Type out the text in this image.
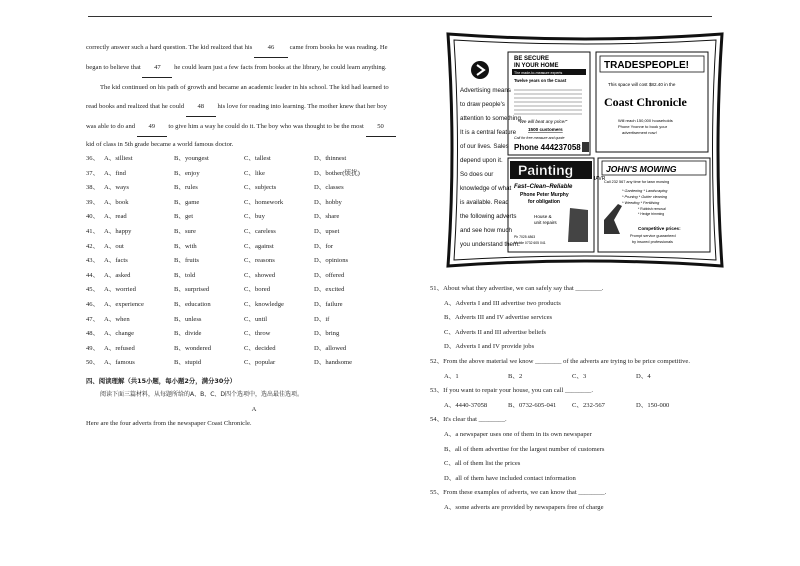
correctly answer such a hard question. The kid realized that his 46 came from books he was reading. He

began to believe that 47 he could learn just a few facts from books at the library, he could learn anything.

The kid continued on his path of growth and became an academic leader in his school. The kid had learned to

read books and realized that he could 48 his love for reading into learning. The mother knew that her boy

was able to do and 49 to give him a way he could do it. The boy who was thought to be the most 50

kid of class in 5th grade became a world famous doctor.

36、 A、silliest	B、youngest	C、tallest	D、thinnest
37、 A、find	B、enjoy	C、like	D、bother(烦扰)
38、 A、ways	B、rules	C、subjects	D、classes
39、 A、book	B、game	C、homework	D、hobby
40、 A、read	B、get	C、buy	D、share
41、 A、happy	B、sure	C、careless	D、upset
42、 A、out	B、with	C、against	D、for
43、 A、facts	B、fruits	C、reasons	D、opinions
44、 A、asked	B、told	C、showed	D、offered
45、 A、worried	B、surprised	C、bored	D、excited
46、 A、experience	B、education	C、knowledge	D、failure
47、 A、when	B、unless	C、until	D、if
48、 A、change	B、divide	C、throw	D、bring
49、 A、refused	B、wondered	C、decided	D、allowed
50、 A、famous	B、stupid	C、popular	D、handsome
四、阅读理解（共15小题，每小题2分，满分30分）
阅读下面三篇材料，从每题所给的A、B、C、D四个选项中，选出最佳选项。
A
Here are the four adverts from the newspaper Coast Chronicle.
Advertising means
to draw people's
attention to something.
It is a central feature
of our lives. Sales
depend upon it.
So does our
knowledge of what
is available. Read
the following adverts
and see how much
you understand them.
BE SECURE
IN YOUR HOME
The made-to-measure experts
Twelve years on the Coast
"We will beat any price!"
1500 customers
Call for free measure and quote
Phone 444237058
TRADESPEOPLE!
This space will cost $82.40 in the
Coast Chronicle
Will reach 150,000 households
Phone Yvonne to book your
advertisement now!
Painting
Fast–Clean–Reliable
Phone Peter Murphy
for obligation
House &
unit repairs
Ph 7025 4863
Mobile 0732 605 041
IAVR
JOHN'S MOWING
Call 232 567 any time for lawn mowing
* Gardening * Landscaping
* Pruning * Gutter cleaning
* Weeding * Fertilising
* Rubbish removal
* Hedge trimming
Competitive prices:
Prompt service guaranteed
by insured professionals
51、About what they advertise, we can safely say that ________.
A、Adverts I and III advertise two products
B、Adverts III and IV advertise services
C、Adverts II and III advertise beliefs
D、Adverts I and IV provide jobs
52、From the above material we know ________ of the adverts are trying to be price competitive.
A、1	B、2	C、3	D、4
53、If you want to repair your house, you can call ________.
A、4440-37058	B、0732-605-041	C、232-567	D、150-000
54、It's clear that ________.
A、a newspaper uses one of them in its own newspaper
B、all of them advertise for the largest number of customers
C、all of them list the prices
D、all of them have included contact information
55、From these examples of adverts, we can know that ________.
A、some adverts are provided by newspapers free of charge
